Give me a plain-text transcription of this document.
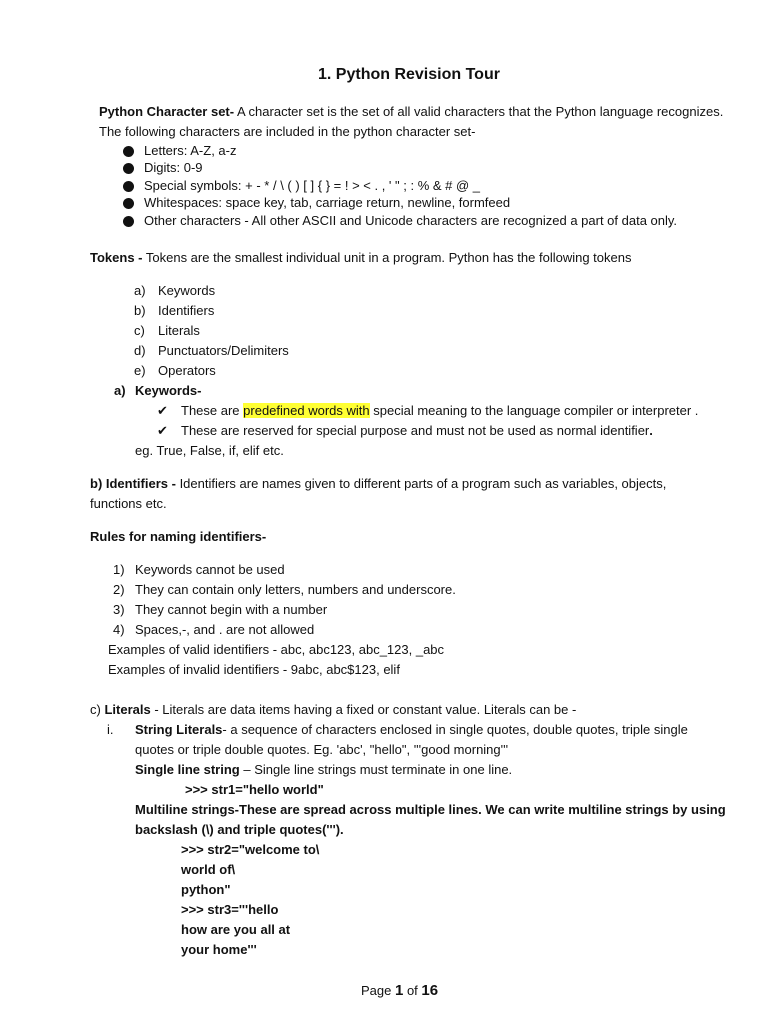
1. Python Revision Tour
Python Character set- A character set is the set of all valid characters that the Python language recognizes.
The following characters are included in the python character set-
Letters: A-Z, a-z
Digits: 0-9
Special symbols: + - * / \ ( ) [ ] { } = ! > < . , ' " ; : % & # @ _
Whitespaces: space key, tab, carriage return, newline, formfeed
Other characters - All other ASCII and Unicode characters are recognized a part of data only.
Tokens - Tokens are the smallest individual unit in a program. Python has the following tokens
a) Keywords
b) Identifiers
c) Literals
d) Punctuators/Delimiters
e) Operators
a) Keywords-
✔ These are predefined words with special meaning to the language compiler or interpreter .
✔ These are reserved for special purpose and must not be used as normal identifier.
eg. True, False, if, elif etc.
b) Identifiers - Identifiers are names given to different parts of a program such as variables, objects,
functions etc.
Rules for naming identifiers-
1) Keywords cannot be used
2) They can contain only letters, numbers and underscore.
3) They cannot begin with a number
4) Spaces,-, and . are not allowed
Examples of valid identifiers - abc, abc123, abc_123, _abc
Examples of invalid identifiers - 9abc, abc$123, elif
c) Literals - Literals are data items having a fixed or constant value. Literals can be -
i. String Literals- a sequence of characters enclosed in single quotes, double quotes, triple single
quotes or triple double quotes. Eg. 'abc', "hello", '''good morning'''
Single line string – Single line strings must terminate in one line.
>>> str1="hello world"
Multiline strings-These are spread across multiple lines. We can write multiline strings by using
backslash (\) and triple quotes(''').
>>> str2="welcome to\
world of\
python"
>>> str3='''hello
how are you all at
your home'''
Page 1 of 16
